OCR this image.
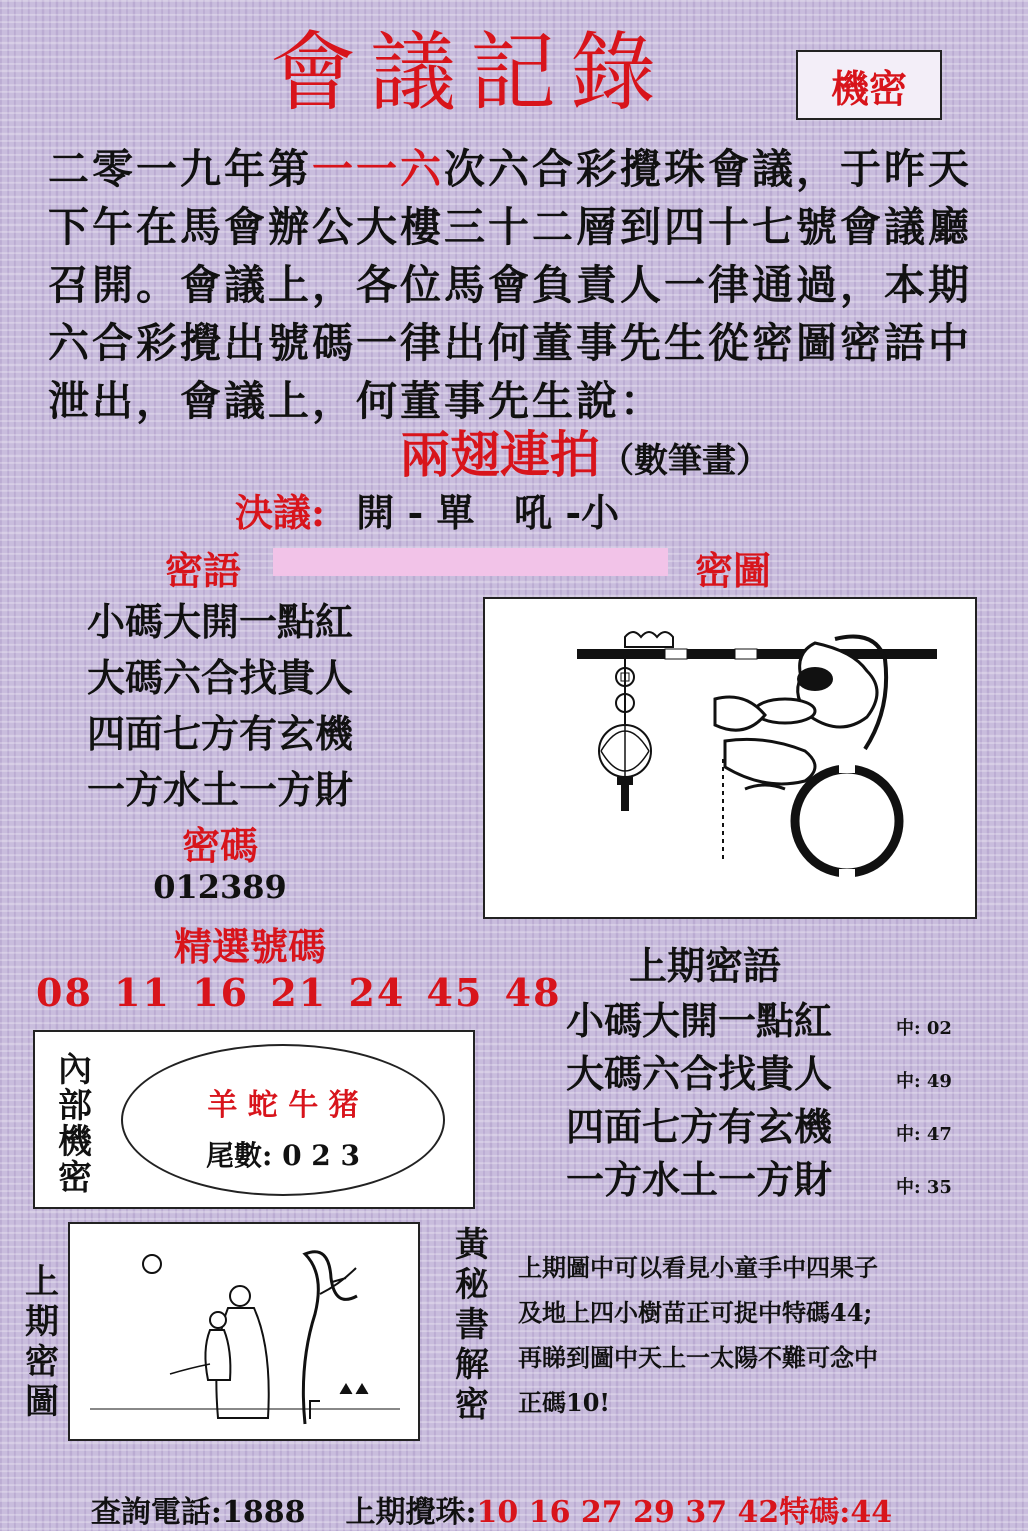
會議記錄	機密
二零一九年第一一六次六合彩攪珠會議，于昨天
下午在馬會辦公大樓三十二層到四十七號會議廳
召開。會議上，各位馬會負責人一律通過，本期
六合彩攪出號碼一律出何董事先生從密圖密語中
泄出，會議上，何董事先生說：
兩翅連拍（數筆畫）
決議: 開 - 單   吼 -小
密語	密圖
小碼大開一點紅
大碼六合找貴人
四面七方有玄機
一方水土一方財
密碼
012389
精選號碼
08 11 16 21 24 45 48
上期密語
小碼大開一點紅	中: 02
大碼六合找貴人	中: 49
四面七方有玄機	中: 47
一方水土一方財	中: 35
內部機密
羊 蛇 牛 猪
尾數: 0 2 3
上期密圖
黃秘書解密
上期圖中可以看見小童手中四果子
及地上四小樹苗正可捉中特碼44;
再睇到圖中天上一太陽不難可念中
正碼10!

查詢電話:1888 上期攪珠:10 16 27 29 37 42特碼:44
